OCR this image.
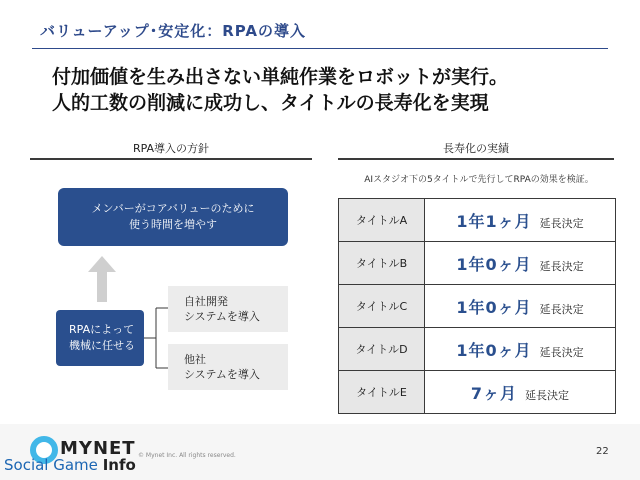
バリューアップ･安定化：RPAの導入
付加価値を生み出さない単純作業をロボットが実行。
人的工数の削減に成功し、タイトルの長寿化を実現
RPA導入の方針	長寿化の実績
AIスタジオ下の5タイトルで先行してRPAの効果を検証。
メンバーがコアバリューのために
使う時間を増やす
RPAによって
機械に任せる
自社開発
システムを導入
他社
システムを導入
タイトルA	1年1ヶ月 延長決定
タイトルB	1年0ヶ月 延長決定
タイトルC	1年0ヶ月 延長決定
タイトルD	1年0ヶ月 延長決定
タイトルE	7ヶ月 延長決定
MYNET
Social Game Info
© Mynet Inc. All rights reserved.	22
